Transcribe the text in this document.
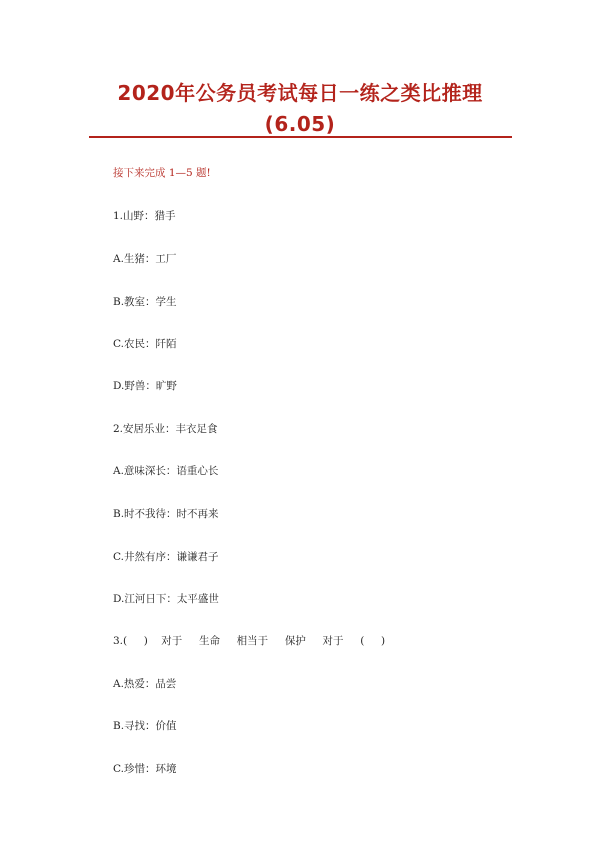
2020年公务员考试每日一练之类比推理
(6.05)
接下来完成 1—5 题!
1.山野：猎手
A.生猪：工厂
B.教室：学生
C.农民：阡陌
D.野兽：旷野
2.安居乐业：丰衣足食
A.意味深长：语重心长
B.时不我待：时不再来
C.井然有序：谦谦君子
D.江河日下：太平盛世
3.(     )    对于     生命     相当于     保护     对于     (     )
A.热爱：品尝
B.寻找：价值
C.珍惜：环境
